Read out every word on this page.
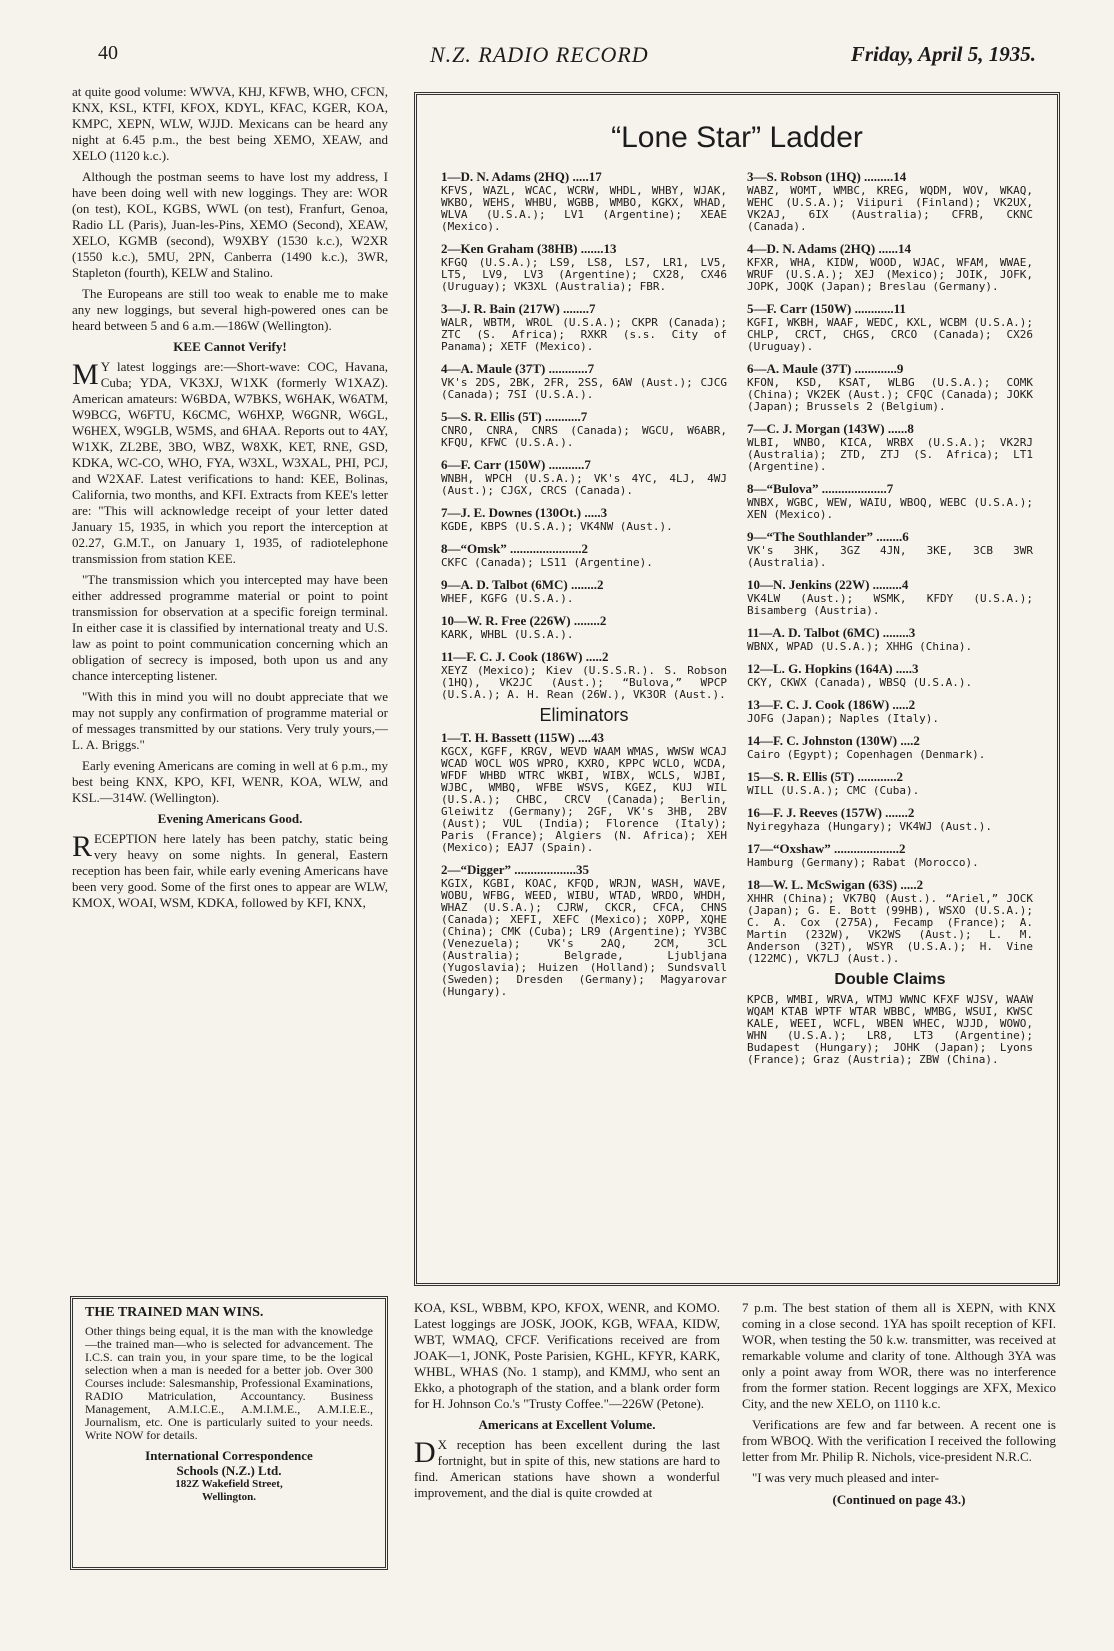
40	N.Z. RADIO RECORD	Friday, April 5, 1935.

at quite good volume: WWVA, KHJ, KFWB, WHO, CFCN, KNX, KSL, KTFI, KFOX, KDYL, KFAC, KGER, KOA, KMPC, XEPN, WLW, WJJD. Mexicans can be heard any night at 6.45 p.m., the best being XEMO, XEAW, and XELO (1120 k.c.).

Although the postman seems to have lost my address, I have been doing well with new loggings. They are: WOR (on test), KOL, KGBS, WWL (on test), Franfurt, Genoa, Radio LL (Paris), Juan-les-Pins, XEMO (Second), XEAW, XELO, KGMB (second), W9XBY (1530 k.c.), W2XR (1550 k.c.), 5MU, 2PN, Canberra (1490 k.c.), 3WR, Stapleton (fourth), KELW and Stalino.

The Europeans are still too weak to enable me to make any new loggings, but several high-powered ones can be heard between 5 and 6 a.m.—186W (Wellington).

KEE Cannot Verify!

M Y latest loggings are:—Short-wave: COC, Havana, Cuba; YDA, VK3XJ, W1XK (formerly W1XAZ). American amateurs: W6BDA, W7BKS, W6HAK, W6ATM, W9BCG, W6FTU, K6CMC, W6HXP, W6GNR, W6GL, W6HEX, W9GLB, W5MS, and 6HAA. Reports out to 4AY, W1XK, ZL2BE, 3BO, WBZ, W8XK, KET, RNE, GSD, KDKA, WC-CO, WHO, FYA, W3XL, W3XAL, PHI, PCJ, and W2XAF. Latest verifications to hand: KEE, Bolinas, California, two months, and KFI. Extracts from KEE's letter are: "This will acknowledge receipt of your letter dated January 15, 1935, in which you report the interception at 02.27, G.M.T., on January 1, 1935, of radiotelephone transmission from station KEE.

"The transmission which you intercepted may have been either addressed programme material or point to point transmission for observation at a specific foreign terminal. In either case it is classified by international treaty and U.S. law as point to point communication concerning which an obligation of secrecy is imposed, both upon us and any chance intercepting listener.

"With this in mind you will no doubt appreciate that we may not supply any confirmation of programme material or of messages transmitted by our stations. Very truly yours,—L. A. Briggs."

Early evening Americans are coming in well at 6 p.m., my best being KNX, KPO, KFI, WENR, KOA, WLW, and KSL.—314W. (Wellington).

Evening Americans Good.

RECEPTION here lately has been patchy, static being very heavy on some nights. In general, Eastern reception has been fair, while early evening Americans have been very good. Some of the first ones to appear are WLW, KMOX, WOAI, WSM, KDKA, followed by KFI, KNX,

THE TRAINED MAN WINS.
Other things being equal, it is the man with the knowledge—the trained man—who is selected for advancement. The I.C.S. can train you, in your spare time, to be the logical selection when a man is needed for a better job. Over 300 Courses include: Salesmanship, Professional Examinations, RADIO Matriculation, Accountancy. Business Management, A.M.I.C.E., A.M.I.M.E., A.M.I.E.E., Journalism, etc. One is particularly suited to your needs. Write NOW for details.
International Correspondence
Schools (N.Z.) Ltd.
182Z Wakefield Street,
Wellington.
“Lone Star” Ladder
1—D. N. Adams (2HQ) .....17
KFVS, WAZL, WCAC, WCRW, WHDL, WHBY, WJAK, WKBO, WEHS, WHBU, WGBB, WMBO, KGKX, WHAD, WLVA (U.S.A.); LV1 (Argentine); XEAE (Mexico).
2—Ken Graham (38HB) .......13
KFGQ (U.S.A.); LS9, LS8, LS7, LR1, LV5, LT5, LV9, LV3 (Argentine); CX28, CX46 (Uruguay); VK3XL (Australia); FBR.
3—J. R. Bain (217W) ........7
WALR, WBTM, WROL (U.S.A.); CKPR (Canada); ZTC (S. Africa); RXKR (s.s. City of Panama); XETF (Mexico).
4—A. Maule (37T) ............7
VK's 2DS, 2BK, 2FR, 2SS, 6AW (Aust.); CJCG (Canada); 7SI (U.S.A.).
5—S. R. Ellis (5T) ...........7
CNRO, CNRA, CNRS (Canada); WGCU, W6ABR, KFQU, KFWC (U.S.A.).
6—F. Carr (150W) ...........7
WNBH, WPCH (U.S.A.); VK's 4YC, 4LJ, 4WJ (Aust.); CJGX, CRCS (Canada).
7—J. E. Downes (130Ot.) .....3
KGDE, KBPS (U.S.A.); VK4NW (Aust.).
8—“Omsk” ......................2
CKFC (Canada); LS11 (Argentine).
9—A. D. Talbot (6MC) ........2
WHEF, KGFG (U.S.A.).
10—W. R. Free (226W) ........2
KARK, WHBL (U.S.A.).
11—F. C. J. Cook (186W) .....2
XEYZ (Mexico); Kiev (U.S.S.R.). S. Robson (1HQ), VK2JC (Aust.); “Bulova,” WPCP (U.S.A.); A. H. Rean (26W.), VK3OR (Aust.).
Eliminators
1—T. H. Bassett (115W) ....43
KGCX, KGFF, KRGV, WEVD WAAM WMAS, WWSW WCAJ WCAD WOCL WOS WPRO, KXRO, KPPC WCLO, WCDA, WFDF WHBD WTRC WKBI, WIBX, WCLS, WJBI, WJBC, WMBQ, WFBE WSVS, KGEZ, KUJ WIL (U.S.A.); CHBC, CRCV (Canada); Berlin, Gleiwitz (Germany); 2GF, VK's 3HB, 2BV (Aust); VUL (India); Florence (Italy); Paris (France); Algiers (N. Africa); XEH (Mexico); EAJ7 (Spain).
2—“Digger” ...................35
KGIX, KGBI, KOAC, KFQD, WRJN, WASH, WAVE, WOBU, WFBG, WEED, WIBU, WTAD, WRDO, WHDH, WHAZ (U.S.A.); CJRW, CKCR, CFCA, CHNS (Canada); XEFI, XEFC (Mexico); XOPP, XQHE (China); CMK (Cuba); LR9 (Argentine); YV3BC (Venezuela); VK's 2AQ, 2CM, 3CL (Australia); Belgrade, Ljubljana (Yugoslavia); Huizen (Holland); Sundsvall (Sweden); Dresden (Germany); Magyarovar (Hungary).
3—S. Robson (1HQ) .........14
WABZ, WOMT, WMBC, KREG, WQDM, WOV, WKAQ, WEHC (U.S.A.); Viipuri (Finland); VK2UX, VK2AJ, 6IX (Australia); CFRB, CKNC (Canada).
4—D. N. Adams (2HQ) ......14
KFXR, WHA, KIDW, WOOD, WJAC, WFAM, WWAE, WRUF (U.S.A.); XEJ (Mexico); JOIK, JOFK, JOPK, JOQK (Japan); Breslau (Germany).
5—F. Carr (150W) ............11
KGFI, WKBH, WAAF, WEDC, KXL, WCBM (U.S.A.); CHLP, CRCT, CHGS, CRCO (Canada); CX26 (Uruguay).
6—A. Maule (37T) .............9
KFON, KSD, KSAT, WLBG (U.S.A.); COMK (China); VK2EK (Aust.); CFQC (Canada); JOKK (Japan); Brussels 2 (Belgium).
7—C. J. Morgan (143W) ......8
WLBI, WNBO, KICA, WRBX (U.S.A.); VK2RJ (Australia); ZTD, ZTJ (S. Africa); LT1 (Argentine).
8—“Bulova” ....................7
WNBX, WGBC, WEW, WAIU, WBOQ, WEBC (U.S.A.); XEN (Mexico).
9—“The Southlander” ........6
VK's 3HK, 3GZ 4JN, 3KE, 3CB 3WR (Australia).
10—N. Jenkins (22W) .........4
VK4LW (Aust.); WSMK, KFDY (U.S.A.); Bisamberg (Austria).
11—A. D. Talbot (6MC) ........3
WBNX, WPAD (U.S.A.); XHHG (China).
12—L. G. Hopkins (164A) .....3
CKY, CKWX (Canada), WBSQ (U.S.A.).
13—F. C. J. Cook (186W) .....2
JOFG (Japan); Naples (Italy).
14—F. C. Johnston (130W) ....2
Cairo (Egypt); Copenhagen (Denmark).
15—S. R. Ellis (5T) ............2
WILL (U.S.A.); CMC (Cuba).
16—F. J. Reeves (157W) .......2
Nyiregyhaza (Hungary); VK4WJ (Aust.).
17—“Oxshaw” ....................2
Hamburg (Germany); Rabat (Morocco).
18—W. L. McSwigan (63S) .....2
XHHR (China); VK7BQ (Aust.). “Ariel,” JOCK (Japan); G. E. Bott (99HB), WSXO (U.S.A.); C. A. Cox (275A), Fecamp (France); A. Martin (232W), VK2WS (Aust.); L. M. Anderson (32T), WSYR (U.S.A.); H. Vine (122MC), VK7LJ (Aust.).
Double Claims
KPCB, WMBI, WRVA, WTMJ WWNC KFXF WJSV, WAAW WQAM KTAB WPTF WTAR WBBC, WMBG, WSUI, KWSC KALE, WEEI, WCFL, WBEN WHEC, WJJD, WOWO, WHN (U.S.A.); LR8, LT3 (Argentine); Budapest (Hungary); JOHK (Japan); Lyons (France); Graz (Austria); ZBW (China).

KOA, KSL, WBBM, KPO, KFOX, WENR, and KOMO. Latest loggings are JOSK, JOOK, KGB, WFAA, KIDW, WBT, WMAQ, CFCF. Verifications received are from JOAK—1, JONK, Poste Parisien, KGHL, KFYR, KARK, WHBL, WHAS (No. 1 stamp), and KMMJ, who sent an Ekko, a photograph of the station, and a blank order form for H. Johnson Co.'s "Trusty Coffee."—226W (Petone).

Americans at Excellent Volume.

D X reception has been excellent during the last fortnight, but in spite of this, new stations are hard to find. American stations have shown a wonderful improvement, and the dial is quite crowded at

7 p.m. The best station of them all is XEPN, with KNX coming in a close second. 1YA has spoilt reception of KFI. WOR, when testing the 50 k.w. transmitter, was received at remarkable volume and clarity of tone. Although 3YA was only a point away from WOR, there was no interference from the former station. Recent loggings are XFX, Mexico City, and the new XELO, on 1110 k.c.

Verifications are few and far between. A recent one is from WBOQ. With the verification I received the following letter from Mr. Philip R. Nichols, vice-president N.R.C.

"I was very much pleased and inter-

(Continued on page 43.)
